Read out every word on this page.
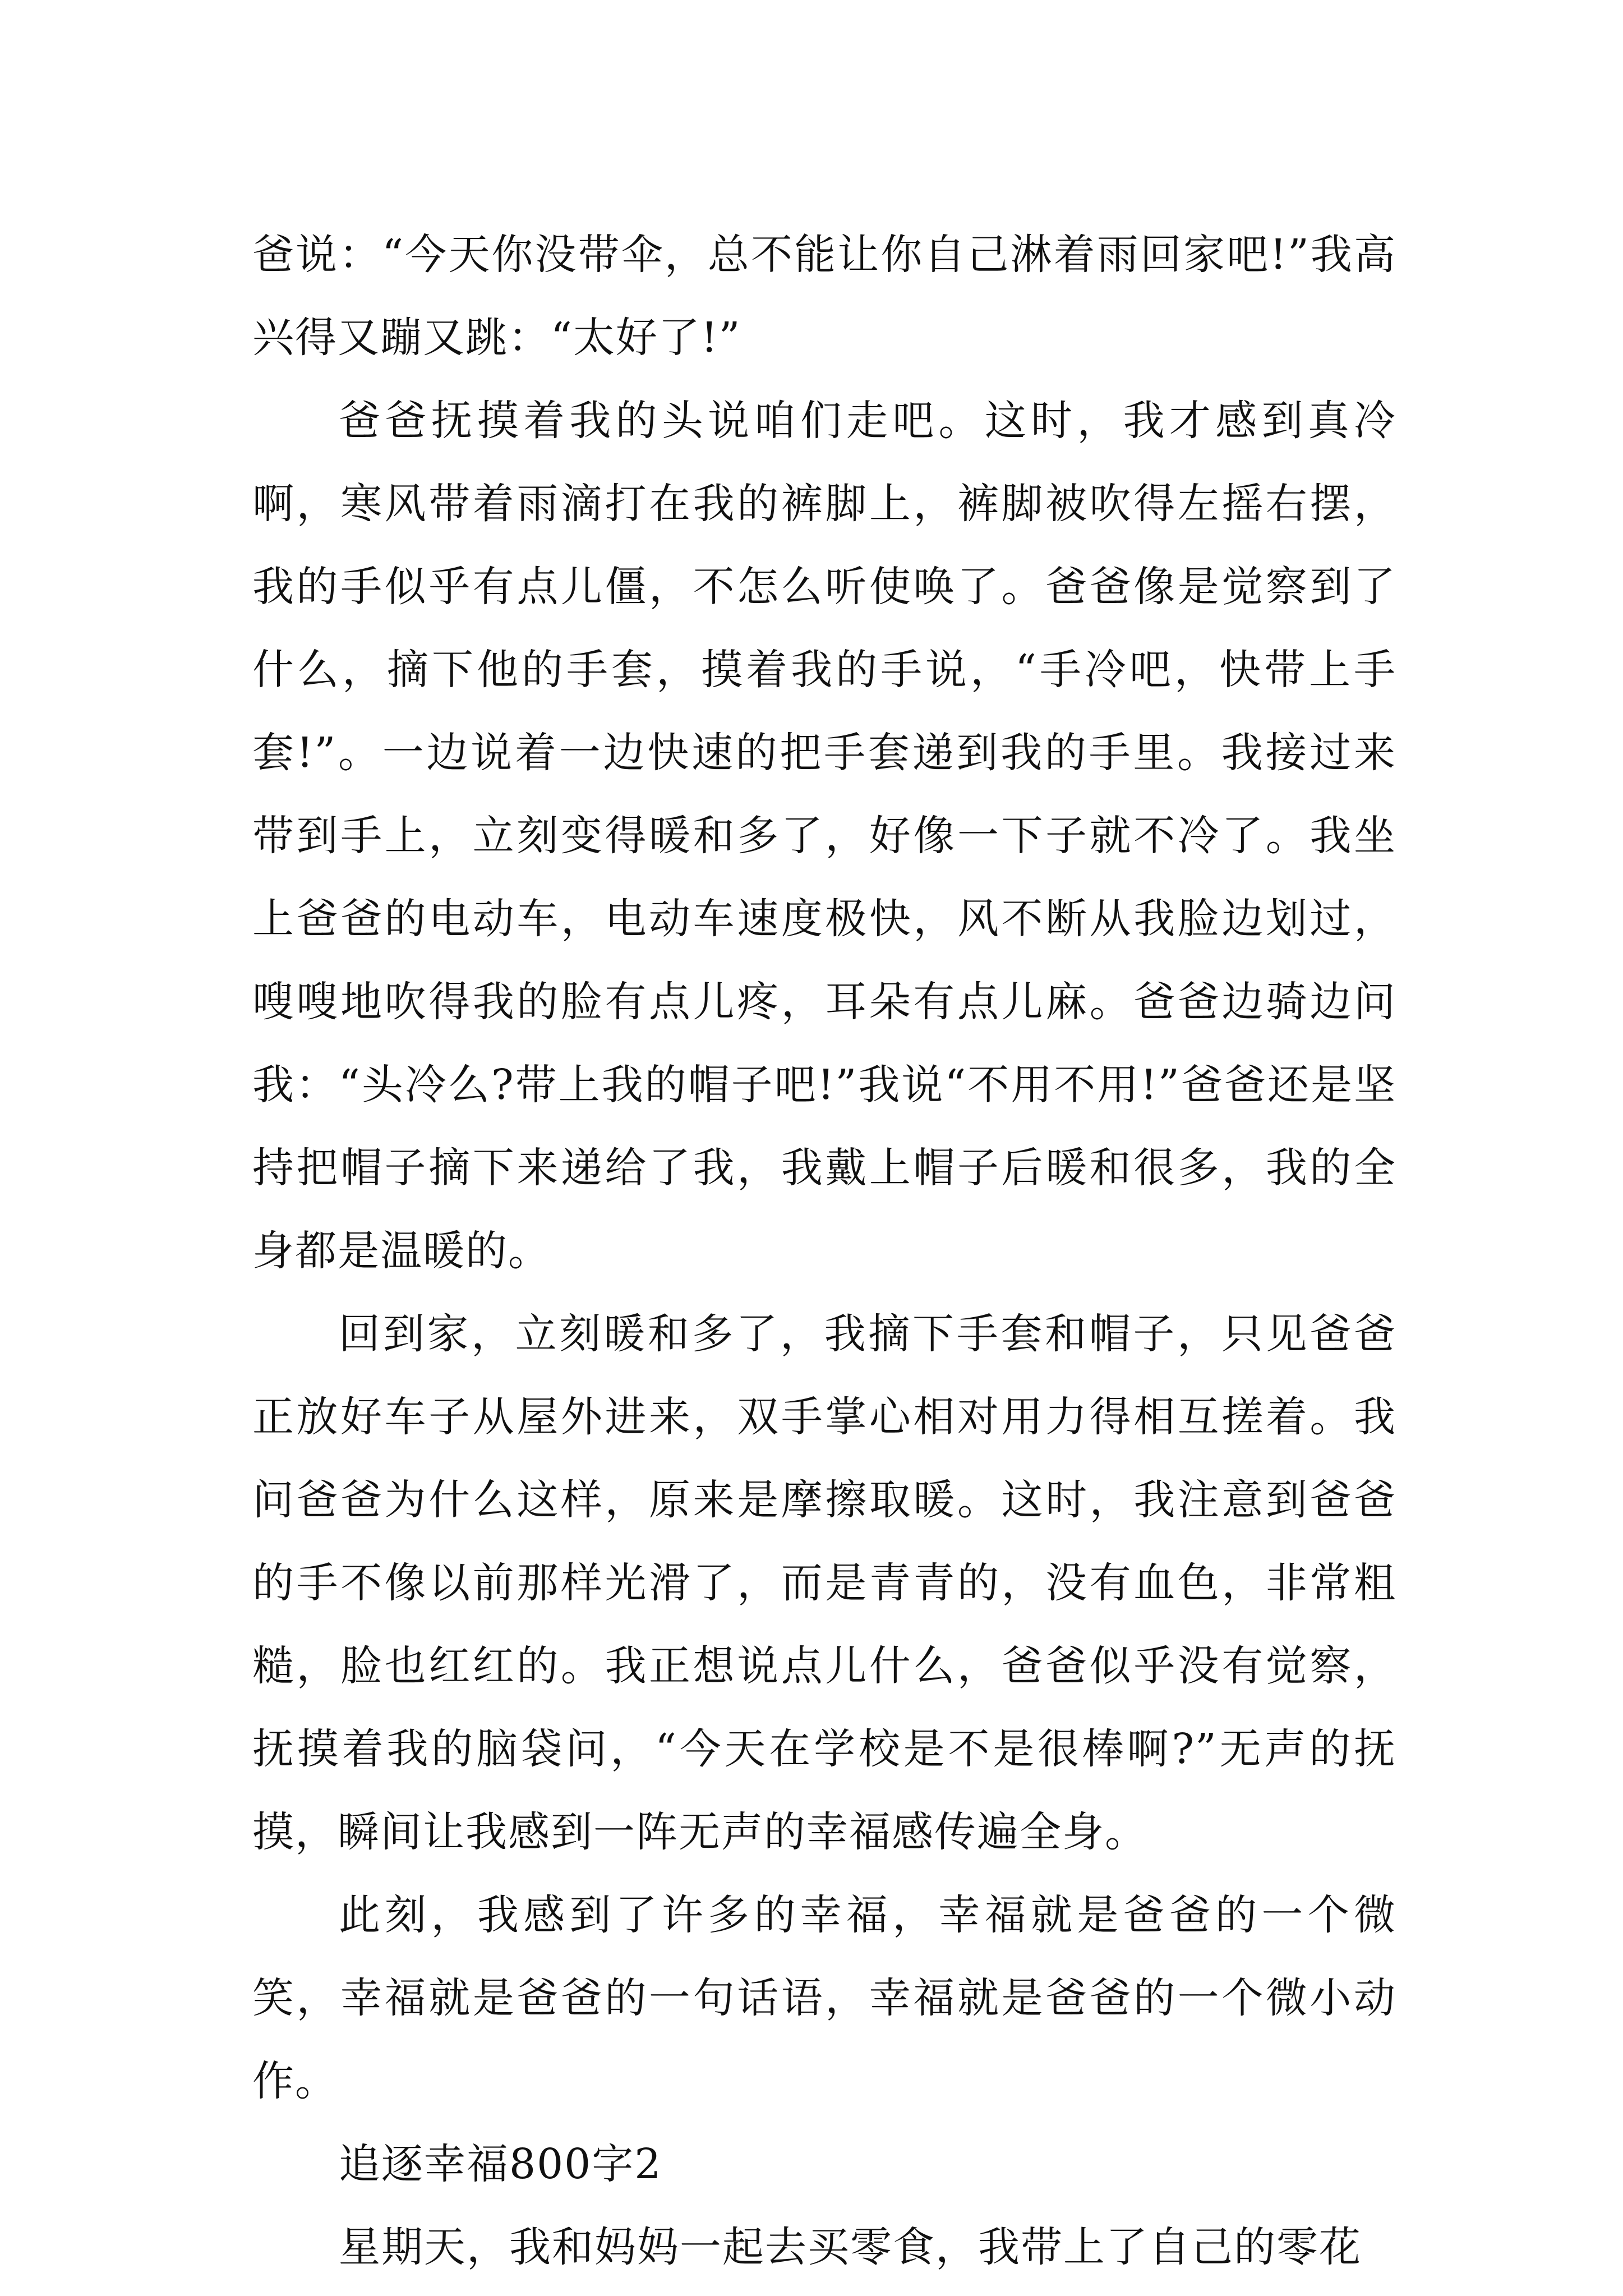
爸说：“今天你没带伞，总不能让你自己淋着雨回家吧!”我高兴得又蹦又跳：“太好了!”

爸爸抚摸着我的头说咱们走吧。这时，我才感到真冷啊，寒风带着雨滴打在我的裤脚上，裤脚被吹得左摇右摆，我的手似乎有点儿僵，不怎么听使唤了。爸爸像是觉察到了什么，摘下他的手套，摸着我的手说，“手冷吧，快带上手套!”。一边说着一边快速的把手套递到我的手里。我接过来带到手上，立刻变得暖和多了，好像一下子就不冷了。我坐上爸爸的电动车，电动车速度极快，风不断从我脸边划过，嗖嗖地吹得我的脸有点儿疼，耳朵有点儿麻。爸爸边骑边问我：“头冷么?带上我的帽子吧!”我说“不用不用!”爸爸还是坚持把帽子摘下来递给了我，我戴上帽子后暖和很多，我的全身都是温暖的。

回到家，立刻暖和多了，我摘下手套和帽子，只见爸爸正放好车子从屋外进来，双手掌心相对用力得相互搓着。我问爸爸为什么这样，原来是摩擦取暖。这时，我注意到爸爸的手不像以前那样光滑了，而是青青的，没有血色，非常粗糙，脸也红红的。我正想说点儿什么，爸爸似乎没有觉察，抚摸着我的脑袋问，“今天在学校是不是很棒啊?”无声的抚摸，瞬间让我感到一阵无声的幸福感传遍全身。

此刻，我感到了许多的幸福，幸福就是爸爸的一个微笑，幸福就是爸爸的一句话语，幸福就是爸爸的一个微小动作。

追逐幸福800字2

星期天，我和妈妈一起去买零食，我带上了自己的零花
